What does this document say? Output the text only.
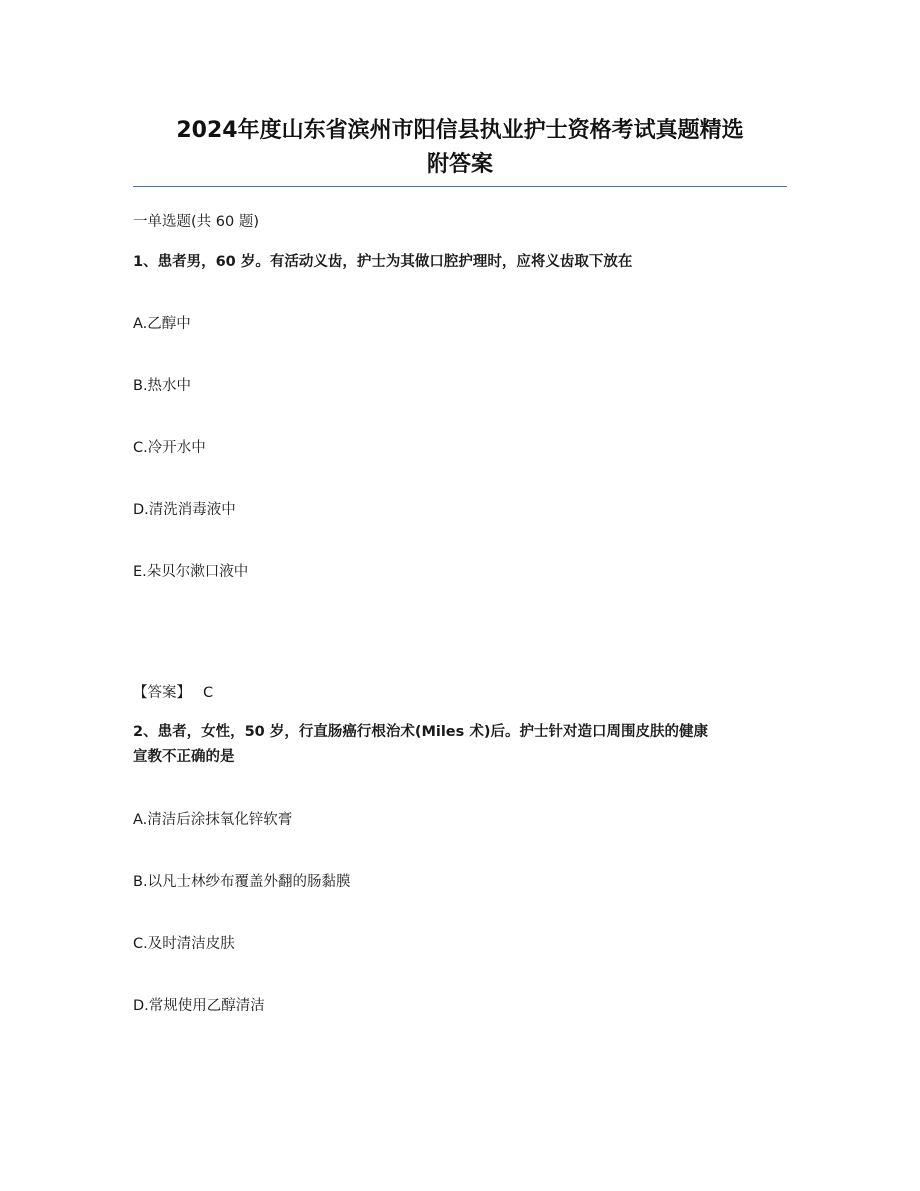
2024年度山东省滨州市阳信县执业护士资格考试真题精选
附答案
一单选题(共 60 题)
1、患者男，60 岁。有活动义齿，护士为其做口腔护理时，应将义齿取下放在
A.乙醇中
B.热水中
C.冷开水中
D.清洗消毒液中
E.朵贝尔漱口液中
【答案】 C
2、患者，女性，50 岁，行直肠癌行根治术(Miles 术)后。护士针对造口周围皮肤的健康
宣教不正确的是
A.清洁后涂抹氧化锌软膏
B.以凡士林纱布覆盖外翻的肠黏膜
C.及时清洁皮肤
D.常规使用乙醇清洁
